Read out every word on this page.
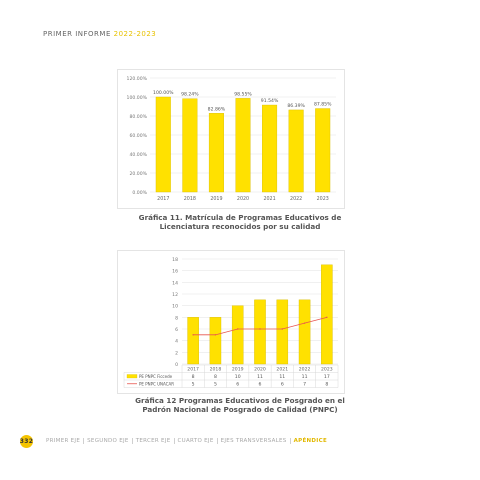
PRIMER INFORME 2022-2023
0.00%
20.00%
40.00%
60.00%
80.00%
100.00%
120.00%
100.00%
2017
98.24%
2018
82.86%
2019
98.55%
2020
91.54%
2021
86.39%
2022
87.85%
2023
Gráfica 11. Matrícula de Programas Educativos de
Licenciatura reconocidos por su calidad
0
2
4
6
8
10
12
14
16
18
2017 2018 2019 2020 2021 2022 2023
PE PNPC Ficcede	8	8	10	11	11	11	17
PE PNPC UNACAR	5	5	6	6	6	7	8
Gráfica 12 Programas Educativos de Posgrado en el
Padrón Nacional de Posgrado de Calidad (PNPC)
332	PRIMER EJE	SEGUNDO EJE	TERCER EJE	CUARTO EJE	EJES TRANSVERSALES	APÉNDICE
